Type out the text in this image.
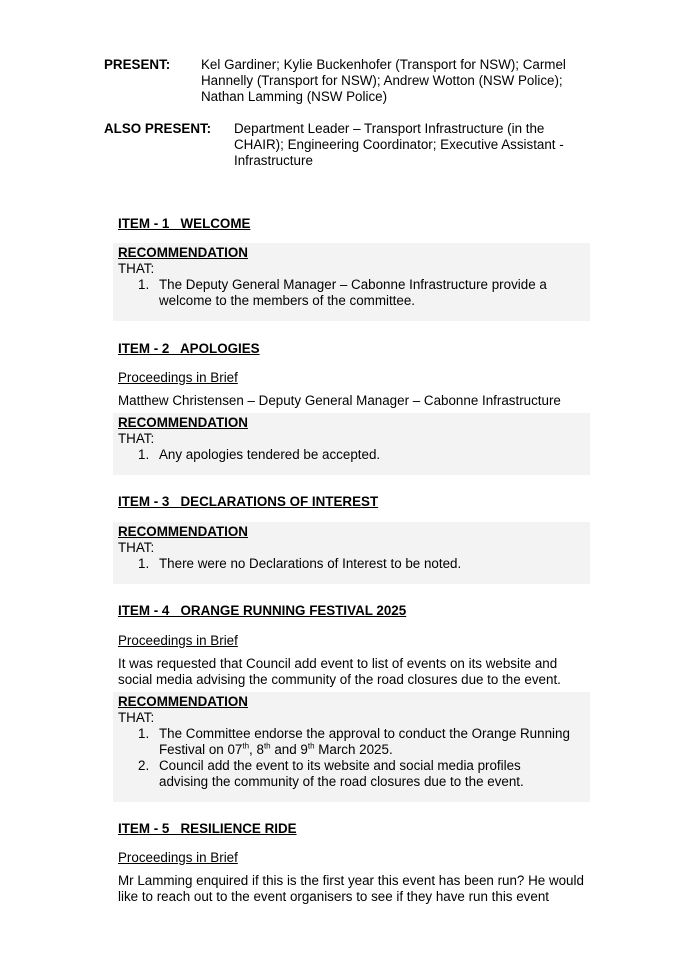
PRESENT: Kel Gardiner; Kylie Buckenhofer (Transport for NSW); Carmel
Hannelly (Transport for NSW); Andrew Wotton (NSW Police);
Nathan Lamming (NSW Police)
ALSO PRESENT: Department Leader – Transport Infrastructure (in the
CHAIR); Engineering Coordinator; Executive Assistant -
Infrastructure
ITEM - 1   WELCOME
RECOMMENDATION
THAT:
1. The Deputy General Manager – Cabonne Infrastructure provide a
welcome to the members of the committee.
ITEM - 2   APOLOGIES
Proceedings in Brief
Matthew Christensen – Deputy General Manager – Cabonne Infrastructure
RECOMMENDATION
THAT:
1. Any apologies tendered be accepted.
ITEM - 3   DECLARATIONS OF INTEREST
RECOMMENDATION
THAT:
1. There were no Declarations of Interest to be noted.
ITEM - 4   ORANGE RUNNING FESTIVAL 2025
Proceedings in Brief
It was requested that Council add event to list of events on its website and
social media advising the community of the road closures due to the event.
RECOMMENDATION
THAT:
1. The Committee endorse the approval to conduct the Orange Running
Festival on 07th, 8th and 9th March 2025.
2. Council add the event to its website and social media profiles
advising the community of the road closures due to the event.
ITEM - 5   RESILIENCE RIDE
Proceedings in Brief
Mr Lamming enquired if this is the first year this event has been run? He would
like to reach out to the event organisers to see if they have run this event
